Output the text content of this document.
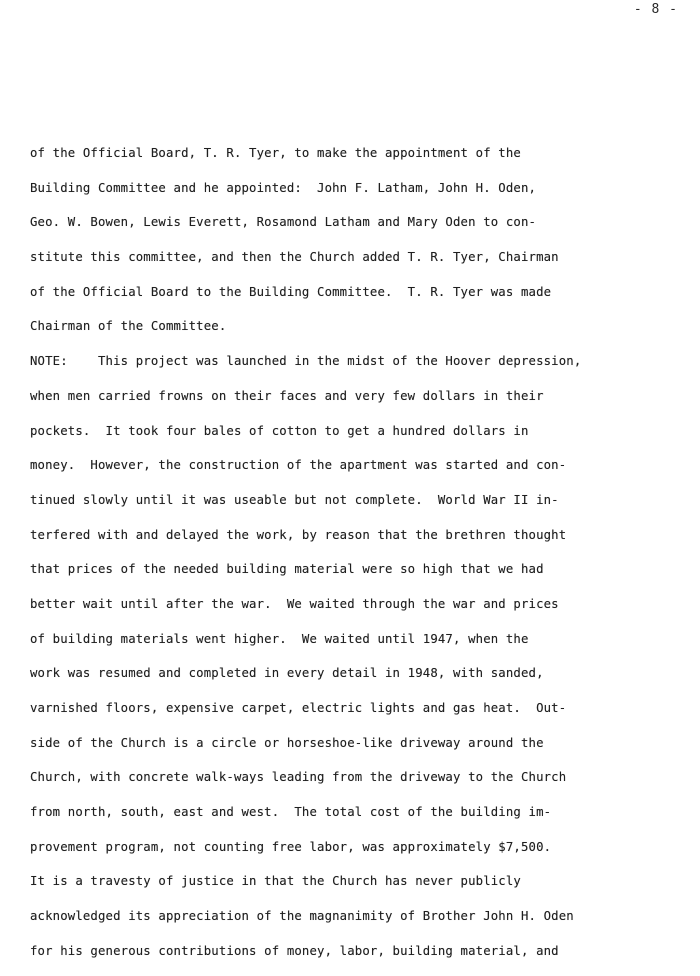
- 8 -
of the Official Board, T. R. Tyer, to make the appointment of the
Building Committee and he appointed:  John F. Latham, John H. Oden,
Geo. W. Bowen, Lewis Everett, Rosamond Latham and Mary Oden to con-
stitute this committee, and then the Church added T. R. Tyer, Chairman
of the Official Board to the Building Committee.  T. R. Tyer was made
Chairman of the Committee.
NOTE:    This project was launched in the midst of the Hoover depression,
when men carried frowns on their faces and very few dollars in their
pockets.  It took four bales of cotton to get a hundred dollars in
money.  However, the construction of the apartment was started and con-
tinued slowly until it was useable but not complete.  World War II in-
terfered with and delayed the work, by reason that the brethren thought
that prices of the needed building material were so high that we had
better wait until after the war.  We waited through the war and prices
of building materials went higher.  We waited until 1947, when the
work was resumed and completed in every detail in 1948, with sanded,
varnished floors, expensive carpet, electric lights and gas heat.  Out-
side of the Church is a circle or horseshoe-like driveway around the
Church, with concrete walk-ways leading from the driveway to the Church
from north, south, east and west.  The total cost of the building im-
provement program, not counting free labor, was approximately $7,500.
It is a travesty of justice in that the Church has never publicly
acknowledged its appreciation of the magnanimity of Brother John H. Oden
for his generous contributions of money, labor, building material, and
